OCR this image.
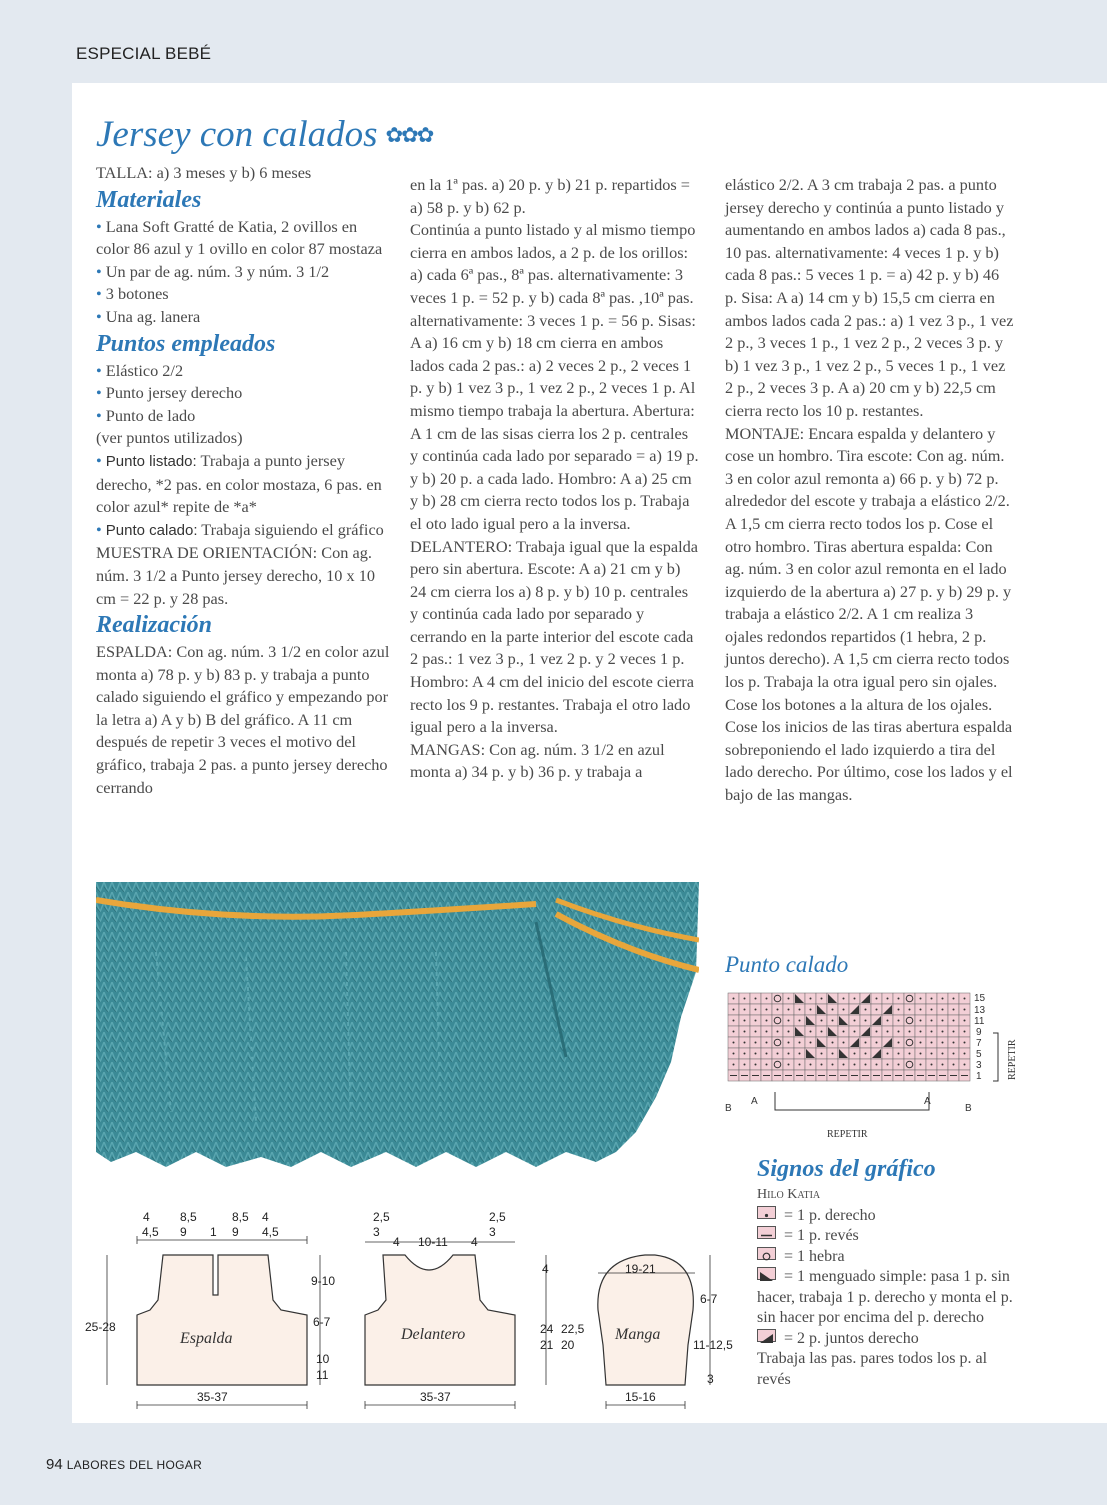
ESPECIAL BEBÉ
Jersey con calados ✿✿✿

TALLA: a) 3 meses y b) 6 meses

Materiales

• Lana Soft Gratté de Katia, 2 ovillos en color 86 azul y 1 ovillo en color 87 mostaza

• Un par de ag. núm. 3 y núm. 3 1/2

• 3 botones

• Una ag. lanera

Puntos empleados

• Elástico 2/2

• Punto jersey derecho

• Punto de lado

(ver puntos utilizados)

• Punto listado: Trabaja a punto jersey derecho, *2 pas. en color mostaza, 6 pas. en color azul* repite de *a*

• Punto calado: Trabaja siguiendo el gráfico

MUESTRA DE ORIENTACIÓN: Con ag. núm. 3 1/2 a Punto jersey derecho, 10 x 10 cm = 22 p. y 28 pas.

Realización

ESPALDA: Con ag. núm. 3 1/2 en color azul monta a) 78 p. y b) 83 p. y trabaja a punto calado siguiendo el gráfico y empezando por la letra a) A y b) B del gráfico. A 11 cm después de repetir 3 veces el motivo del gráfico, trabaja 2 pas. a punto jersey derecho cerrando

en la 1ª pas. a) 20 p. y b) 21 p. repartidos = a) 58 p. y b) 62 p.

Continúa a punto listado y al mismo tiempo cierra en ambos lados, a 2 p. de los orillos: a) cada 6ª pas., 8ª pas. alternativamente: 3 veces 1 p. = 52 p. y b) cada 8ª pas. ,10ª pas. alternativamente: 3 veces 1 p. = 56 p. Sisas: A a) 16 cm y b) 18 cm cierra en ambos lados cada 2 pas.: a) 2 veces 2 p., 2 veces 1 p. y b) 1 vez 3 p., 1 vez 2 p., 2 veces 1 p. Al mismo tiempo trabaja la abertura. Abertura: A 1 cm de las sisas cierra los 2 p. centrales y continúa cada lado por separado = a) 19 p. y b) 20 p. a cada lado. Hombro: A a) 25 cm y b) 28 cm cierra recto todos los p. Trabaja el oto lado igual pero a la inversa.

DELANTERO: Trabaja igual que la espalda pero sin abertura. Escote: A a) 21 cm y b) 24 cm cierra los a) 8 p. y b) 10 p. centrales y continúa cada lado por separado y cerrando en la parte interior del escote cada 2 pas.: 1 vez 3 p., 1 vez 2 p. y 2 veces 1 p. Hombro: A 4 cm del inicio del escote cierra recto los 9 p. restantes. Trabaja el otro lado igual pero a la inversa.

MANGAS: Con ag. núm. 3 1/2 en azul monta a) 34 p. y b) 36 p. y trabaja a

elástico 2/2. A 3 cm trabaja 2 pas. a punto jersey derecho y continúa a punto listado y aumentando en ambos lados a) cada 8 pas., 10 pas. alternativamente: 4 veces 1 p. y b) cada 8 pas.: 5 veces 1 p. = a) 42 p. y b) 46 p. Sisa: A a) 14 cm y b) 15,5 cm cierra en ambos lados cada 2 pas.: a) 1 vez 3 p., 1 vez 2 p., 3 veces 1 p., 1 vez 2 p., 2 veces 3 p. y b) 1 vez 3 p., 1 vez 2 p., 5 veces 1 p., 1 vez 2 p., 2 veces 3 p. A a) 20 cm y b) 22,5 cm cierra recto los 10 p. restantes.

MONTAJE: Encara espalda y delantero y cose un hombro. Tira escote: Con ag. núm. 3 en color azul remonta a) 66 p. y b) 72 p. alrededor del escote y trabaja a elástico 2/2. A 1,5 cm cierra recto todos los p. Cose el otro hombro. Tiras abertura espalda: Con ag. núm. 3 en color azul remonta en el lado izquierdo de la abertura a) 27 p. y b) 29 p. y trabaja a elástico 2/2. A 1 cm realiza 3 ojales redondos repartidos (1 hebra, 2 p. juntos derecho). A 1,5 cm cierra recto todos los p. Trabaja la otra igual pero sin ojales. Cose los botones a la altura de los ojales. Cose los inicios de las tiras abertura espalda sobreponiendo el lado izquierdo a tira del lado derecho. Por último, cose los lados y el bajo de las mangas.

Punto calado
15
13
11
9
7
5
3
1	REPETIR
B
A	A
B
REPETIR
Signos del gráfico
Hilo Katia
= 1 p. derecho
= 1 p. revés
= 1 hebra
= 1 menguado simple: pasa 1 p. sin hacer, trabaja 1 p. derecho y monta el p. sin hacer por encima del p. derecho
= 2 p. juntos derecho
Trabaja las pas. pares todos los p. al revés
4	8,5	8,5 4
4,5 9 1 9 4,5
25-28
9-10
6-7
10
11
35-37
2,5
3
4 10-11 4
2,5
3
35-37
4
24
21
22,5
20
19-21
6-7
11-12,5
3
15-16
Espalda	Delantero	Manga
94 LABORES DEL HOGAR
